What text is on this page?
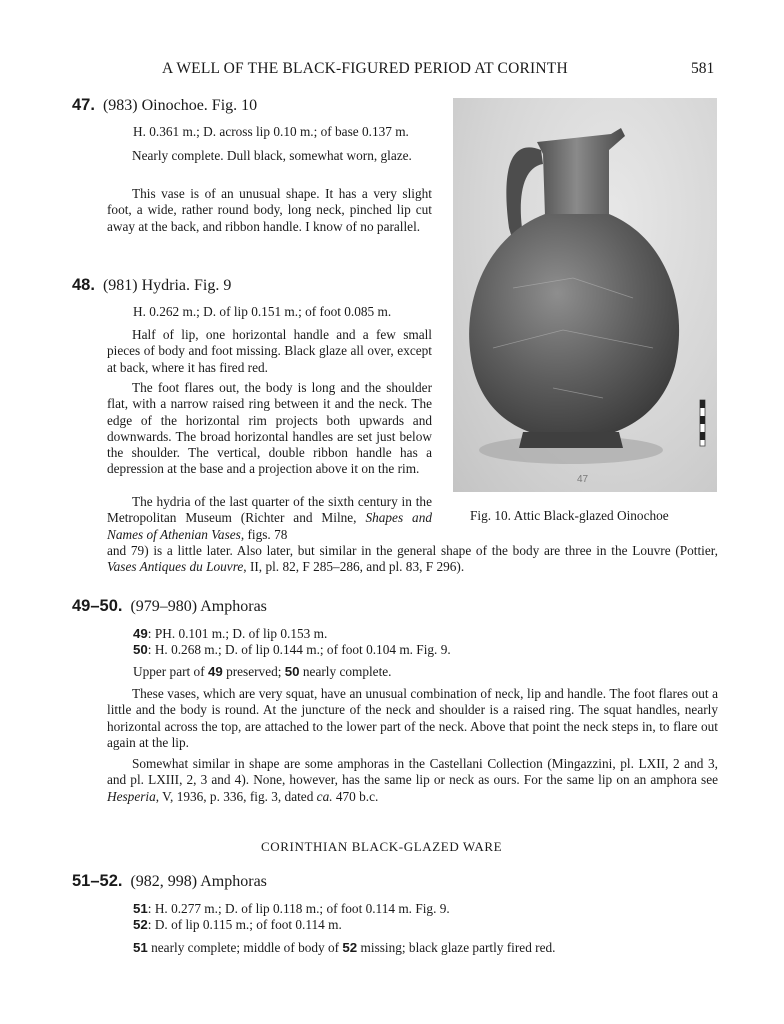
A WELL OF THE BLACK-FIGURED PERIOD AT CORINTH	581
47. (983) Oinochoe. Fig. 10
H. 0.361 m.; D. across lip 0.10 m.; of base 0.137 m.
Nearly complete. Dull black, somewhat worn, glaze.
This vase is of an unusual shape. It has a very slight foot, a wide, rather round body, long neck, pinched lip cut away at the back, and ribbon handle. I know of no parallel.
48. (981) Hydria. Fig. 9
H. 0.262 m.; D. of lip 0.151 m.; of foot 0.085 m.
Half of lip, one horizontal handle and a few small pieces of body and foot missing. Black glaze all over, except at back, where it has fired red.
The foot flares out, the body is long and the shoulder flat, with a narrow raised ring between it and the neck. The edge of the horizontal rim projects both upwards and downwards. The broad horizontal handles are set just below the shoulder. The vertical, double ribbon handle has a depression at the base and a projection above it on the rim.
The hydria of the last quarter of the sixth century in the Metropolitan Museum (Richter and Milne, Shapes and Names of Athenian Vases, figs. 78
and 79) is a little later. Also later, but similar in the general shape of the body are three in the Louvre (Pottier, Vases Antiques du Louvre, II, pl. 82, F 285–286, and pl. 83, F 296).
47
Fig. 10. Attic Black-glazed Oinochoe
49–50. (979–980) Amphoras
49: PH. 0.101 m.; D. of lip 0.153 m.
50: H. 0.268 m.; D. of lip 0.144 m.; of foot 0.104 m. Fig. 9.
Upper part of 49 preserved; 50 nearly complete.
These vases, which are very squat, have an unusual combination of neck, lip and handle. The foot flares out a little and the body is round. At the juncture of the neck and shoulder is a raised ring. The squat handles, nearly horizontal across the top, are attached to the lower part of the neck. Above that point the neck steps in, to flare out again at the lip.
Somewhat similar in shape are some amphoras in the Castellani Collection (Mingazzini, pl. LXII, 2 and 3, and pl. LXIII, 2, 3 and 4). None, however, has the same lip or neck as ours. For the same lip on an amphora see Hesperia, V, 1936, p. 336, fig. 3, dated ca. 470 b.c.
CORINTHIAN BLACK-GLAZED WARE
51–52. (982, 998) Amphoras
51: H. 0.277 m.; D. of lip 0.118 m.; of foot 0.114 m. Fig. 9.
52: D. of lip 0.115 m.; of foot 0.114 m.
51 nearly complete; middle of body of 52 missing; black glaze partly fired red.
